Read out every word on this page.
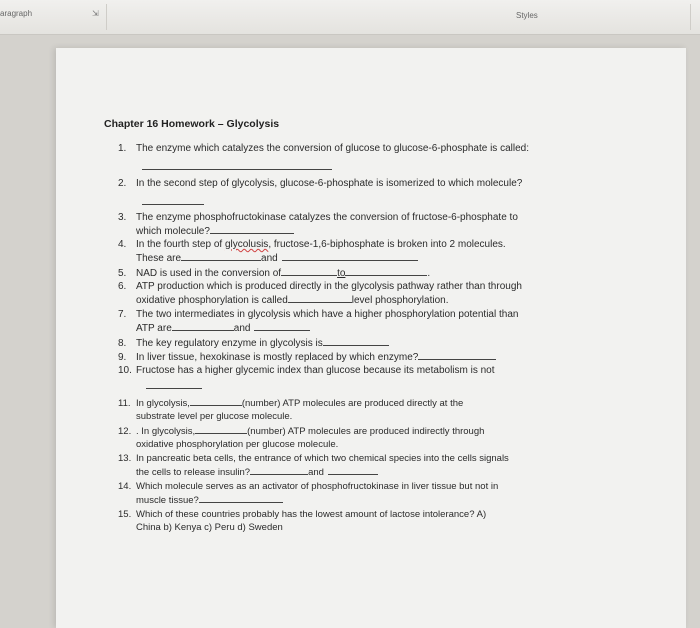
aragraph	⇲	Styles
Chapter 16 Homework – Glycolysis
1. The enzyme which catalyzes the conversion of glucose to glucose-6-phosphate is called:
2. In the second step of glycolysis, glucose-6-phosphate is isomerized to which molecule?
3. The enzyme phosphofructokinase catalyzes the conversion of fructose-6-phosphate to
which molecule?
4. In the fourth step of glycolusis, fructose-1,6-biphosphate is broken into 2 molecules.
These are	and
5. NAD is used in the conversion of	to	.
6. ATP production which is produced directly in the glycolysis pathway rather than through
oxidative phosphorylation is called	level phosphorylation.
7. The two intermediates in glycolysis which have a higher phosphorylation potential than
ATP are	and
8. The key regulatory enzyme in glycolysis is
9. In liver tissue, hexokinase is mostly replaced by which enzyme?
10. Fructose has a higher glycemic index than glucose because its metabolism is not
11. In glycolysis,	(number) ATP molecules are produced directly at the
substrate level per glucose molecule.
12. . In glycolysis,	(number) ATP molecules are produced indirectly through
oxidative phosphorylation per glucose molecule.
13. In pancreatic beta cells, the entrance of which two chemical species into the cells signals
the cells to release insulin?	and
14. Which molecule serves as an activator of phosphofructokinase in liver tissue but not in
muscle tissue?
15. Which of these countries probably has the lowest amount of lactose intolerance? A)
China b) Kenya c) Peru d) Sweden
